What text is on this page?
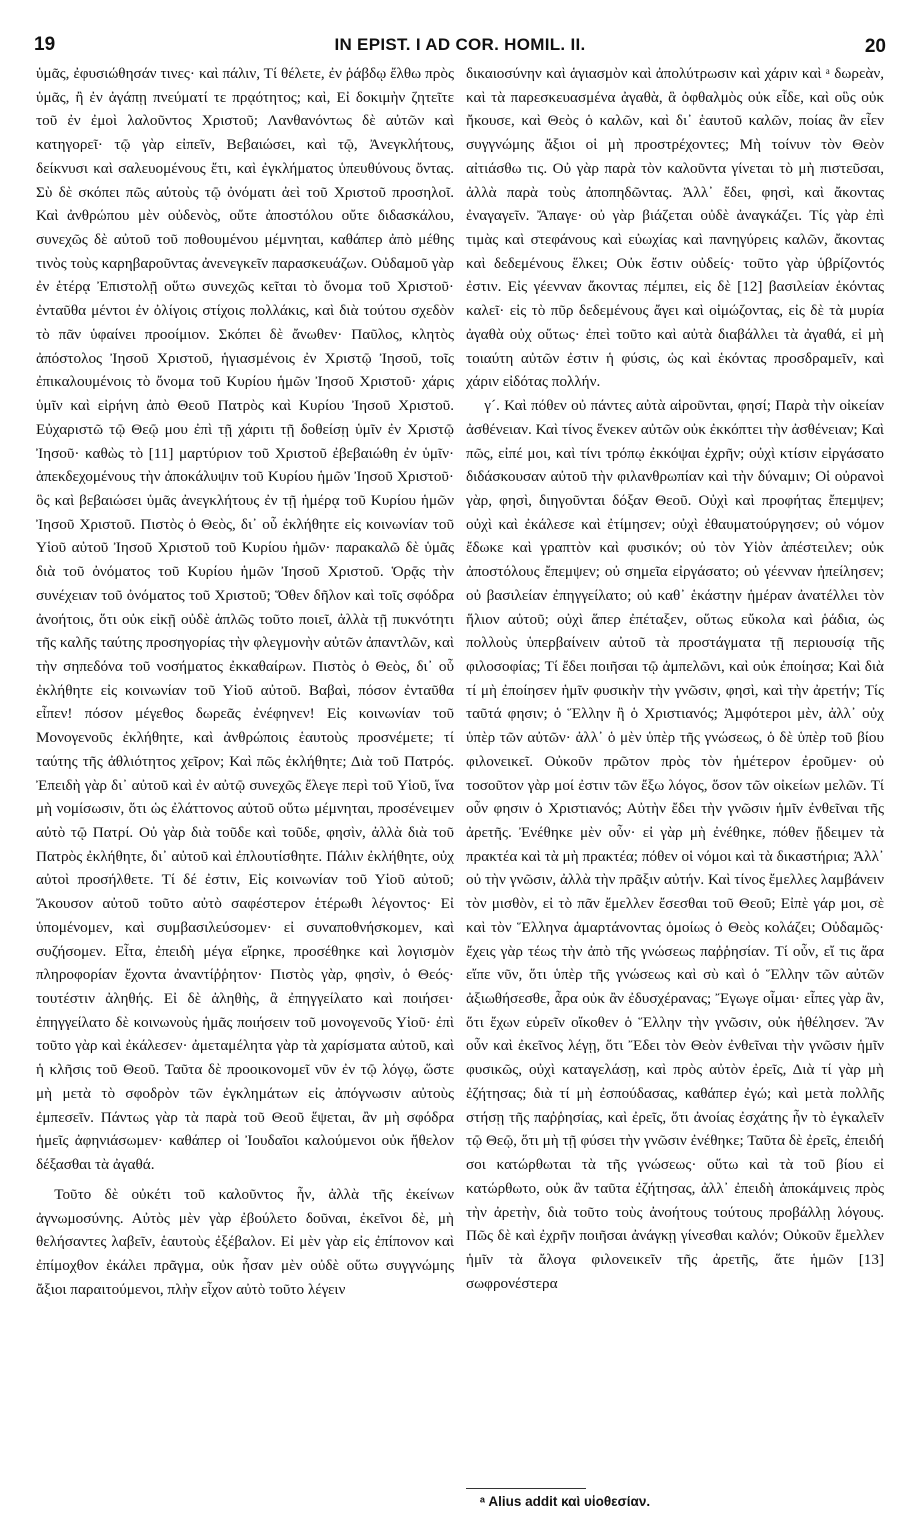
19	IN EPIST. I AD COR. HOMIL. II.	20

ὑμᾶς, ἐφυσιώθησάν τινες· καὶ πάλιν, Τί θέλετε, ἐν ῥάβδῳ ἔλθω πρὸς ὑμᾶς, ἢ ἐν ἀγάπῃ πνεύματί τε πρᾳότητος; καὶ, Εἰ δοκιμὴν ζητεῖτε τοῦ ἐν ἐμοὶ λαλοῦντος Χριστοῦ; Λανθανόντως δὲ αὐτῶν καὶ κατηγορεῖ· τῷ γὰρ εἰπεῖν, Βεβαιώσει, καὶ τῷ, Ἀνεγκλήτους, δείκνυσι καὶ σαλευομένους ἔτι, καὶ ἐγκλήματος ὑπευθύνους ὄντας. Σὺ δὲ σκόπει πῶς αὐτοὺς τῷ ὀνόματι ἀεὶ τοῦ Χριστοῦ προσηλοῖ. Καὶ ἀνθρώπου μὲν οὐδενὸς, οὔτε ἀποστόλου οὔτε διδασκάλου, συνεχῶς δὲ αὐτοῦ τοῦ ποθουμένου μέμνηται, καθάπερ ἀπὸ μέθης τινὸς τοὺς καρηβαροῦντας ἀνενεγκεῖν παρασκευάζων. Οὐδαμοῦ γὰρ ἐν ἑτέρᾳ Ἐπιστολῇ οὕτω συνεχῶς κεῖται τὸ ὄνομα τοῦ Χριστοῦ· ἐνταῦθα μέντοι ἐν ὀλίγοις στίχοις πολλάκις, καὶ διὰ τούτου σχεδὸν τὸ πᾶν ὑφαίνει προοίμιον. Σκόπει δὲ ἄνωθεν· Παῦλος, κλητὸς ἀπόστολος Ἰησοῦ Χριστοῦ, ἡγιασμένοις ἐν Χριστῷ Ἰησοῦ, τοῖς ἐπικαλουμένοις τὸ ὄνομα τοῦ Κυρίου ἡμῶν Ἰησοῦ Χριστοῦ· χάρις ὑμῖν καὶ εἰρήνη ἀπὸ Θεοῦ Πατρὸς καὶ Κυρίου Ἰησοῦ Χριστοῦ. Εὐχαριστῶ τῷ Θεῷ μου ἐπὶ τῇ χάριτι τῇ δοθείσῃ ὑμῖν ἐν Χριστῷ Ἰησοῦ· καθὼς τὸ [11] μαρτύριον τοῦ Χριστοῦ ἐβεβαιώθη ἐν ὑμῖν· ἀπεκδεχομένους τὴν ἀποκάλυψιν τοῦ Κυρίου ἡμῶν Ἰησοῦ Χριστοῦ· ὃς καὶ βεβαιώσει ὑμᾶς ἀνεγκλήτους ἐν τῇ ἡμέρᾳ τοῦ Κυρίου ἡμῶν Ἰησοῦ Χριστοῦ. Πιστὸς ὁ Θεὸς, δι᾽ οὗ ἐκλήθητε εἰς κοινωνίαν τοῦ Υἱοῦ αὐτοῦ Ἰησοῦ Χριστοῦ τοῦ Κυρίου ἡμῶν· παρακαλῶ δὲ ὑμᾶς διὰ τοῦ ὀνόματος τοῦ Κυρίου ἡμῶν Ἰησοῦ Χριστοῦ. Ὁρᾷς τὴν συνέχειαν τοῦ ὀνόματος τοῦ Χριστοῦ; Ὅθεν δῆλον καὶ τοῖς σφόδρα ἀνοήτοις, ὅτι οὐκ εἰκῇ οὐδὲ ἁπλῶς τοῦτο ποιεῖ, ἀλλὰ τῇ πυκνότητι τῆς καλῆς ταύτης προσηγορίας τὴν φλεγμονὴν αὐτῶν ἀπαντλῶν, καὶ τὴν σηπεδόνα τοῦ νοσήματος ἐκκαθαίρων. Πιστὸς ὁ Θεὸς, δι᾽ οὗ ἐκλήθητε εἰς κοινωνίαν τοῦ Υἱοῦ αὐτοῦ. Βαβαὶ, πόσον ἐνταῦθα εἶπεν! πόσον μέγεθος δωρεᾶς ἐνέφηνεν! Εἰς κοινωνίαν τοῦ Μονογενοῦς ἐκλήθητε, καὶ ἀνθρώποις ἑαυτοὺς προσνέμετε; τί ταύτης τῆς ἀθλιότητος χεῖρον; Καὶ πῶς ἐκλήθητε; Διὰ τοῦ Πατρός. Ἐπειδὴ γὰρ δι᾽ αὐτοῦ καὶ ἐν αὐτῷ συνεχῶς ἔλεγε περὶ τοῦ Υἱοῦ, ἵνα μὴ νομίσωσιν, ὅτι ὡς ἐλάττονος αὐτοῦ οὕτω μέμνηται, προσένειμεν αὐτὸ τῷ Πατρί. Οὐ γὰρ διὰ τοῦδε καὶ τοῦδε, φησὶν, ἀλλὰ διὰ τοῦ Πατρὸς ἐκλήθητε, δι᾽ αὐτοῦ καὶ ἐπλουτίσθητε. Πάλιν ἐκλήθητε, οὐχ αὐτοὶ προσήλθετε. Τί δέ ἐστιν, Εἰς κοινωνίαν τοῦ Υἱοῦ αὐτοῦ; Ἄκουσον αὐτοῦ τοῦτο αὐτὸ σαφέστερον ἑτέρωθι λέγοντος· Εἰ ὑπομένομεν, καὶ συμβασιλεύσομεν· εἰ συναποθνήσκομεν, καὶ συζήσομεν. Εἶτα, ἐπειδὴ μέγα εἴρηκε, προσέθηκε καὶ λογισμὸν πληροφορίαν ἔχοντα ἀναντίῤῥητον· Πιστὸς γὰρ, φησὶν, ὁ Θεός· τουτέστιν ἀληθής. Εἰ δὲ ἀληθὴς, ἃ ἐπηγγείλατο καὶ ποιήσει· ἐπηγγείλατο δὲ κοινωνοὺς ἡμᾶς ποιήσειν τοῦ μονογενοῦς Υἱοῦ· ἐπὶ τοῦτο γὰρ καὶ ἐκάλεσεν· ἀμεταμέλητα γὰρ τὰ χαρίσματα αὐτοῦ, καὶ ἡ κλῆσις τοῦ Θεοῦ. Ταῦτα δὲ προοικονομεῖ νῦν ἐν τῷ λόγῳ, ὥστε μὴ μετὰ τὸ σφοδρὸν τῶν ἐγκλημάτων εἰς ἀπόγνωσιν αὐτοὺς ἐμπεσεῖν. Πάντως γὰρ τὰ παρὰ τοῦ Θεοῦ ἕψεται, ἂν μὴ σφόδρα ἡμεῖς ἀφηνιάσωμεν· καθάπερ οἱ Ἰουδαῖοι καλούμενοι οὐκ ἤθελον δέξασθαι τὰ ἀγαθά.

Τοῦτο δὲ οὐκέτι τοῦ καλοῦντος ἦν, ἀλλὰ τῆς ἐκείνων ἀγνωμοσύνης. Αὐτὸς μὲν γὰρ ἐβούλετο δοῦναι, ἐκεῖνοι δὲ, μὴ θελήσαντες λαβεῖν, ἑαυτοὺς ἐξέβαλον. Εἰ μὲν γὰρ εἰς ἐπίπονον καὶ ἐπίμοχθον ἐκάλει πρᾶγμα, οὐκ ἦσαν μὲν οὐδὲ οὕτω συγγνώμης ἄξιοι παραιτούμενοι, πλὴν εἶχον αὐτὸ τοῦτο λέγειν

δικαιοσύνην καὶ ἁγιασμὸν καὶ ἀπολύτρωσιν καὶ χάριν καὶ ᵃ δωρεὰν, καὶ τὰ παρεσκευασμένα ἀγαθὰ, ἃ ὀφθαλμὸς οὐκ εἶδε, καὶ οὓς οὐκ ἤκουσε, καὶ Θεὸς ὁ καλῶν, καὶ δι᾽ ἑαυτοῦ καλῶν, ποίας ἂν εἶεν συγγνώμης ἄξιοι οἱ μὴ προστρέχοντες; Μὴ τοίνυν τὸν Θεὸν αἰτιάσθω τις. Οὐ γὰρ παρὰ τὸν καλοῦντα γίνεται τὸ μὴ πιστεῦσαι, ἀλλὰ παρὰ τοὺς ἀποπηδῶντας. Ἀλλ᾽ ἔδει, φησὶ, καὶ ἄκοντας ἐναγαγεῖν. Ἄπαγε· οὐ γὰρ βιάζεται οὐδὲ ἀναγκάζει. Τίς γὰρ ἐπὶ τιμὰς καὶ στεφάνους καὶ εὐωχίας καὶ πανηγύρεις καλῶν, ἄκοντας καὶ δεδεμένους ἕλκει; Οὐκ ἔστιν οὐδείς· τοῦτο γὰρ ὑβρίζοντός ἐστιν. Εἰς γέενναν ἄκοντας πέμπει, εἰς δὲ [12] βασιλείαν ἑκόντας καλεῖ· εἰς τὸ πῦρ δεδεμένους ἄγει καὶ οἰμώζοντας, εἰς δὲ τὰ μυρία ἀγαθὰ οὐχ οὕτως· ἐπεὶ τοῦτο καὶ αὐτὰ διαβάλλει τὰ ἀγαθά, εἰ μὴ τοιαύτη αὐτῶν ἐστιν ἡ φύσις, ὡς καὶ ἑκόντας προσδραμεῖν, καὶ χάριν εἰδότας πολλήν.

γ´. Καὶ πόθεν οὐ πάντες αὐτὰ αἱροῦνται, φησί; Παρὰ τὴν οἰκείαν ἀσθένειαν. Καὶ τίνος ἕνεκεν αὐτῶν οὐκ ἐκκόπτει τὴν ἀσθένειαν; Καὶ πῶς, εἰπέ μοι, καὶ τίνι τρόπῳ ἐκκόψαι ἐχρῆν; οὐχὶ κτίσιν εἰργάσατο διδάσκουσαν αὐτοῦ τὴν φιλανθρωπίαν καὶ τὴν δύναμιν; Οἱ οὐρανοὶ γὰρ, φησὶ, διηγοῦνται δόξαν Θεοῦ. Οὐχὶ καὶ προφήτας ἔπεμψεν; οὐχὶ καὶ ἐκάλεσε καὶ ἐτίμησεν; οὐχὶ ἐθαυματούργησεν; οὐ νόμον ἔδωκε καὶ γραπτὸν καὶ φυσικόν; οὐ τὸν Υἱὸν ἀπέστειλεν; οὐκ ἀποστόλους ἔπεμψεν; οὐ σημεῖα εἰργάσατο; οὐ γέενναν ἠπείλησεν; οὐ βασιλείαν ἐπηγγείλατο; οὐ καθ᾽ ἑκάστην ἡμέραν ἀνατέλλει τὸν ἥλιον αὐτοῦ; οὐχὶ ἅπερ ἐπέταξεν, οὕτως εὔκολα καὶ ῥάδια, ὡς πολλοὺς ὑπερβαίνειν αὐτοῦ τὰ προστάγματα τῇ περιουσίᾳ τῆς φιλοσοφίας; Τί ἔδει ποιῆσαι τῷ ἀμπελῶνι, καὶ οὐκ ἐποίησα; Καὶ διὰ τί μὴ ἐποίησεν ἡμῖν φυσικὴν τὴν γνῶσιν, φησὶ, καὶ τὴν ἀρετήν; Τίς ταῦτά φησιν; ὁ Ἕλλην ἢ ὁ Χριστιανός; Ἀμφότεροι μὲν, ἀλλ᾽ οὐχ ὑπὲρ τῶν αὐτῶν· ἀλλ᾽ ὁ μὲν ὑπὲρ τῆς γνώσεως, ὁ δὲ ὑπὲρ τοῦ βίου φιλονεικεῖ. Οὐκοῦν πρῶτον πρὸς τὸν ἡμέτερον ἐροῦμεν· οὐ τοσοῦτον γὰρ μοί ἐστιν τῶν ἔξω λόγος, ὅσον τῶν οἰκείων μελῶν. Τί οὖν φησιν ὁ Χριστιανός; Αὐτὴν ἔδει τὴν γνῶσιν ἡμῖν ἐνθεῖναι τῆς ἀρετῆς. Ἐνέθηκε μὲν οὖν· εἰ γὰρ μὴ ἐνέθηκε, πόθεν ᾔδειμεν τὰ πρακτέα καὶ τὰ μὴ πρακτέα; πόθεν οἱ νόμοι καὶ τὰ δικαστήρια; Ἀλλ᾽ οὐ τὴν γνῶσιν, ἀλλὰ τὴν πρᾶξιν αὐτήν. Καὶ τίνος ἔμελλες λαμβάνειν τὸν μισθὸν, εἰ τὸ πᾶν ἔμελλεν ἔσεσθαι τοῦ Θεοῦ; Εἰπὲ γάρ μοι, σὲ καὶ τὸν Ἕλληνα ἁμαρτάνοντας ὁμοίως ὁ Θεὸς κολάζει; Οὐδαμῶς· ἔχεις γὰρ τέως τὴν ἀπὸ τῆς γνώσεως παῤῥησίαν. Τί οὖν, εἴ τις ἄρα εἴπε νῦν, ὅτι ὑπὲρ τῆς γνώσεως καὶ σὺ καὶ ὁ Ἕλλην τῶν αὐτῶν ἀξιωθήσεσθε, ἆρα οὐκ ἂν ἐδυσχέρανας; Ἔγωγε οἶμαι· εἶπες γὰρ ἂν, ὅτι ἔχων εὑρεῖν οἴκοθεν ὁ Ἕλλην τὴν γνῶσιν, οὐκ ἠθέλησεν. Ἂν οὖν καὶ ἐκεῖνος λέγῃ, ὅτι Ἔδει τὸν Θεὸν ἐνθεῖναι τὴν γνῶσιν ἡμῖν φυσικῶς, οὐχὶ καταγελάσῃ, καὶ πρὸς αὐτὸν ἐρεῖς, Διὰ τί γὰρ μὴ ἐζήτησας; διὰ τί μὴ ἐσπούδασας, καθάπερ ἐγώ; καὶ μετὰ πολλῆς στήσῃ τῆς παῤῥησίας, καὶ ἐρεῖς, ὅτι ἀνοίας ἐσχάτης ἦν τὸ ἐγκαλεῖν τῷ Θεῷ, ὅτι μὴ τῇ φύσει τὴν γνῶσιν ἐνέθηκε; Ταῦτα δὲ ἐρεῖς, ἐπειδή σοι κατώρθωται τὰ τῆς γνώσεως· οὕτω καὶ τὰ τοῦ βίου εἰ κατώρθωτο, οὐκ ἂν ταῦτα ἐζήτησας, ἀλλ᾽ ἐπειδὴ ἀποκάμνεις πρὸς τὴν ἀρετὴν, διὰ τοῦτο τοὺς ἀνοήτους τούτους προβάλλῃ λόγους. Πῶς δὲ καὶ ἐχρῆν ποιῆσαι ἀνάγκῃ γίνεσθαι καλόν; Οὐκοῦν ἔμελλεν ἡμῖν τὰ ἄλογα φιλονεικεῖν τῆς ἀρετῆς, ἅτε ἡμῶν [13] σωφρονέστερα

ᵃ Alius addit καὶ υἱοθεσίαν.
